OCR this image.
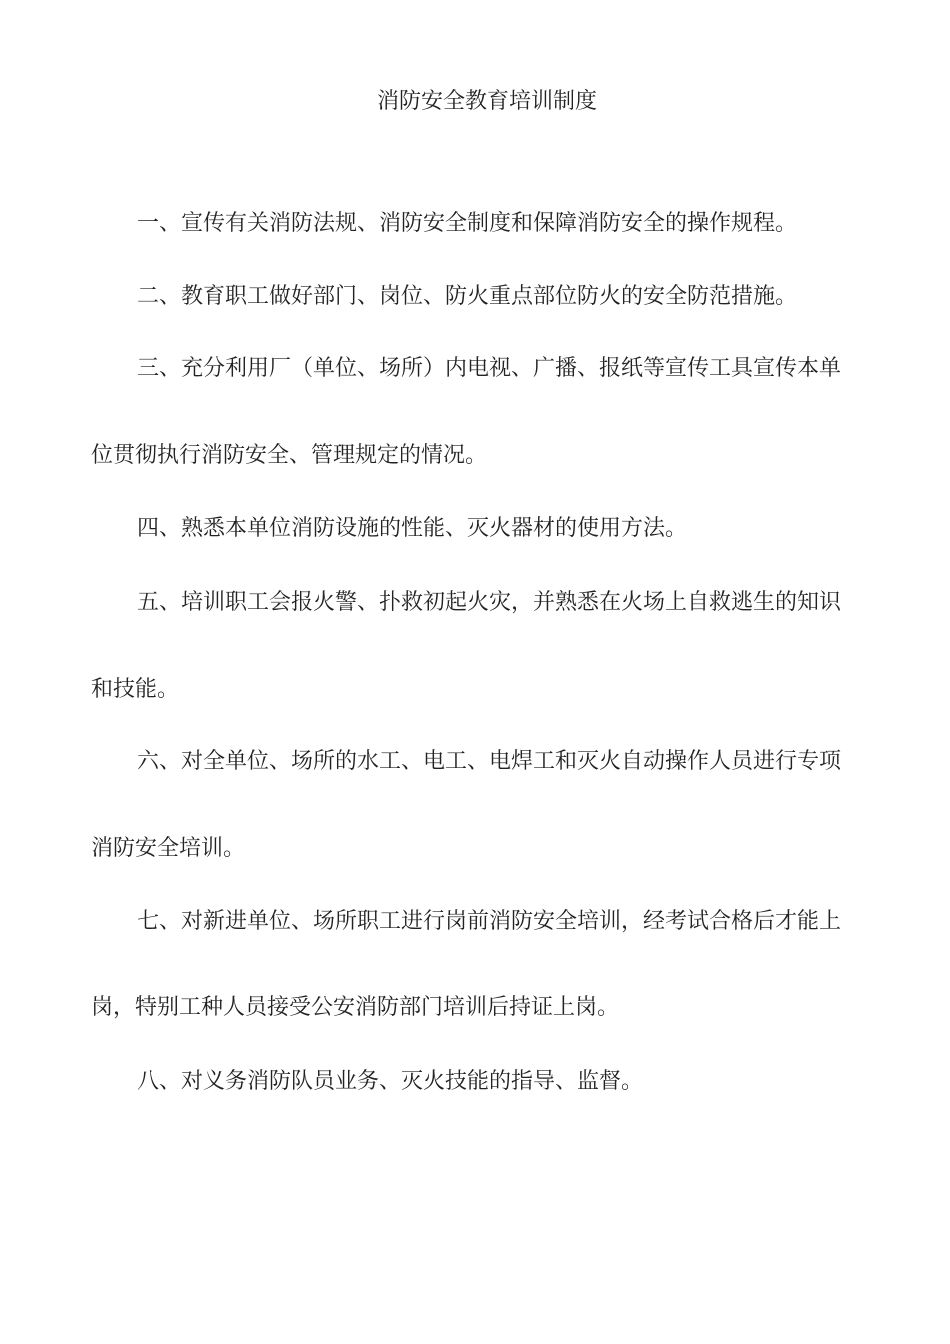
消防安全教育培训制度
一、宣传有关消防法规、消防安全制度和保障消防安全的操作规程。
二、教育职工做好部门、岗位、防火重点部位防火的安全防范措施。
三、充分利用厂（单位、场所）内电视、广播、报纸等宣传工具宣传本单
位贯彻执行消防安全、管理规定的情况。
四、熟悉本单位消防设施的性能、灭火器材的使用方法。
五、培训职工会报火警、扑救初起火灾，并熟悉在火场上自救逃生的知识
和技能。
六、对全单位、场所的水工、电工、电焊工和灭火自动操作人员进行专项
消防安全培训。
七、对新进单位、场所职工进行岗前消防安全培训，经考试合格后才能上
岗，特别工种人员接受公安消防部门培训后持证上岗。
八、对义务消防队员业务、灭火技能的指导、监督。
